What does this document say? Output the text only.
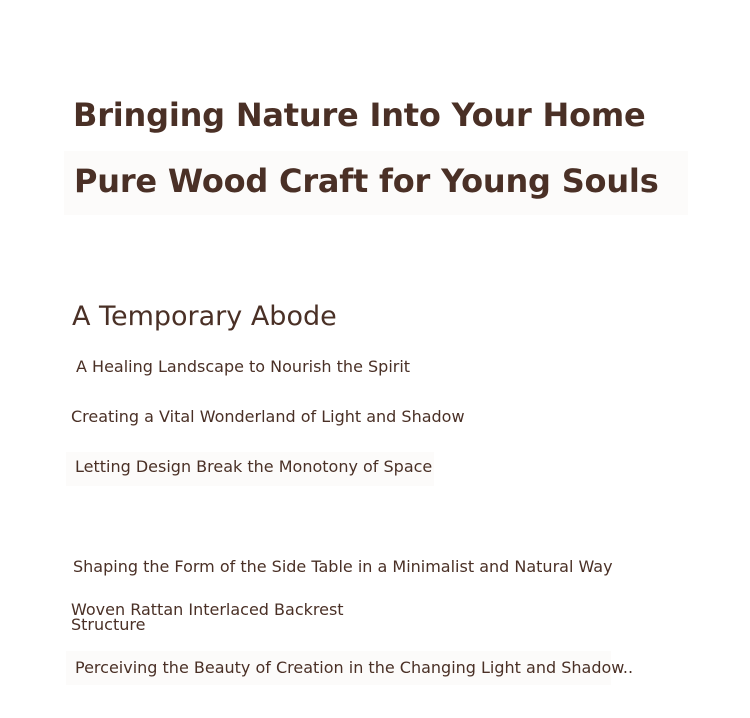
Bringing Nature Into Your Home
Pure Wood Craft for Young Souls
A Temporary Abode
A Healing Landscape to Nourish the Spirit
Creating a Vital Wonderland of Light and Shadow
Letting Design Break the Monotony of Space
Shaping the Form of the Side Table in a Minimalist and Natural Way
Woven Rattan Interlaced Backrest Structure
Perceiving the Beauty of Creation in the Changing Light and Shadow..
